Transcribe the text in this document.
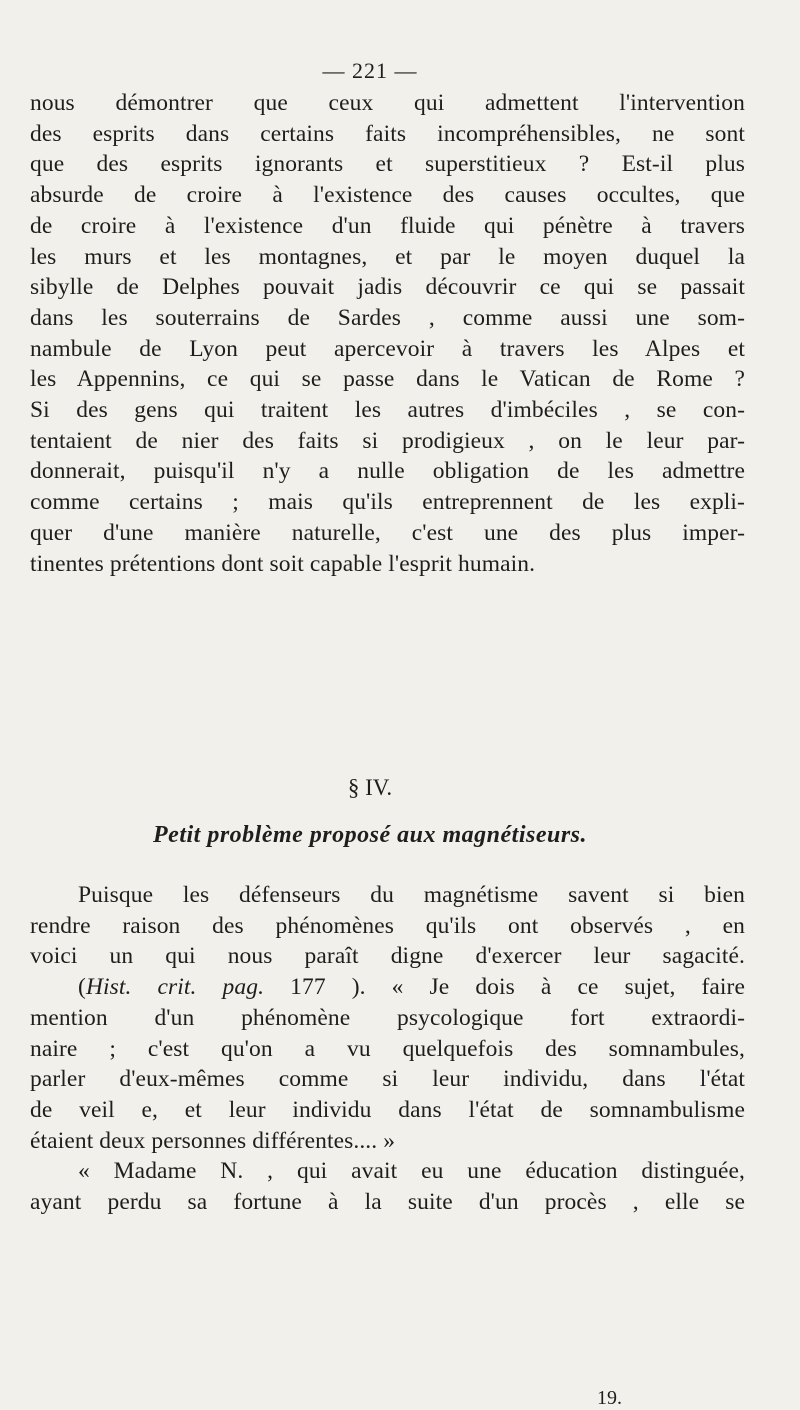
— 221 —
nous démontrer que ceux qui admettent l'intervention
des esprits dans certains faits incompréhensibles, ne sont
que des esprits ignorants et superstitieux ? Est-il plus
absurde de croire à l'existence des causes occultes, que
de croire à l'existence d'un fluide qui pénètre à travers
les murs et les montagnes, et par le moyen duquel la
sibylle de Delphes pouvait jadis découvrir ce qui se passait
dans les souterrains de Sardes , comme aussi une som-
nambule de Lyon peut apercevoir à travers les Alpes et
les Appennins, ce qui se passe dans le Vatican de Rome ?
Si des gens qui traitent les autres d'imbéciles , se con-
tentaient de nier des faits si prodigieux , on le leur par-
donnerait, puisqu'il n'y a nulle obligation de les admettre
comme certains ; mais qu'ils entreprennent de les expli-
quer d'une manière naturelle, c'est une des plus imper-
tinentes prétentions dont soit capable l'esprit humain.
§ IV.
Petit problème proposé aux magnétiseurs.
Puisque les défenseurs du magnétisme savent si bien
rendre raison des phénomènes qu'ils ont observés , en
voici un qui nous paraît digne d'exercer leur sagacité.
(Hist. crit. pag. 177 ). « Je dois à ce sujet, faire
mention d'un phénomène psycologique fort extraordi-
naire ; c'est qu'on a vu quelquefois des somnambules,
parler d'eux-mêmes comme si leur individu, dans l'état
de veil e, et leur individu dans l'état de somnambulisme
étaient deux personnes différentes.... »
« Madame N. , qui avait eu une éducation distinguée,
ayant perdu sa fortune à la suite d'un procès , elle se
19.
